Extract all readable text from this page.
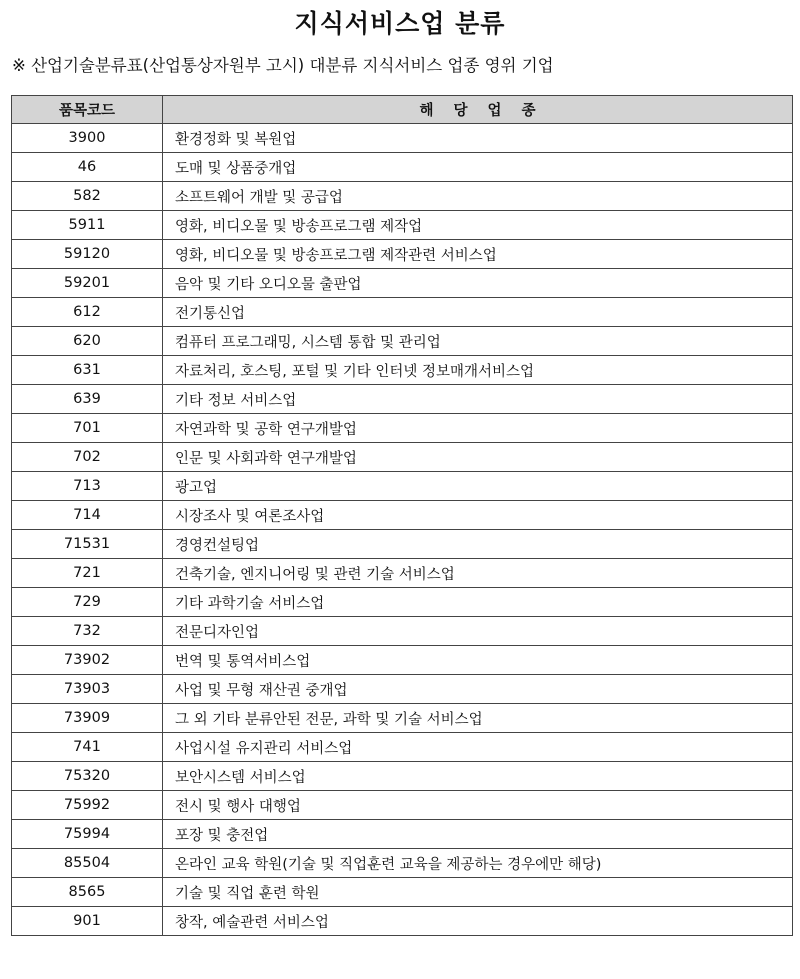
지식서비스업 분류

※ 산업기술분류표(산업통상자원부 고시) 대분류 지식서비스 업종 영위 기업

품목코드	해당업종
3900	환경정화 및 복원업
46	도매 및 상품중개업
582	소프트웨어 개발 및 공급업
5911	영화, 비디오물 및 방송프로그램 제작업
59120	영화, 비디오물 및 방송프로그램 제작관련 서비스업
59201	음악 및 기타 오디오물 출판업
612	전기통신업
620	컴퓨터 프로그래밍, 시스템 통합 및 관리업
631	자료처리, 호스팅, 포털 및 기타 인터넷 정보매개서비스업
639	기타 정보 서비스업
701	자연과학 및 공학 연구개발업
702	인문 및 사회과학 연구개발업
713	광고업
714	시장조사 및 여론조사업
71531	경영컨설팅업
721	건축기술, 엔지니어링 및 관련 기술 서비스업
729	기타 과학기술 서비스업
732	전문디자인업
73902	번역 및 통역서비스업
73903	사업 및 무형 재산권 중개업
73909	그 외 기타 분류안된 전문, 과학 및 기술 서비스업
741	사업시설 유지관리 서비스업
75320	보안시스템 서비스업
75992	전시 및 행사 대행업
75994	포장 및 충전업
85504	온라인 교육 학원(기술 및 직업훈련 교육을 제공하는 경우에만 해당)
8565	기술 및 직업 훈련 학원
901	창작, 예술관련 서비스업
